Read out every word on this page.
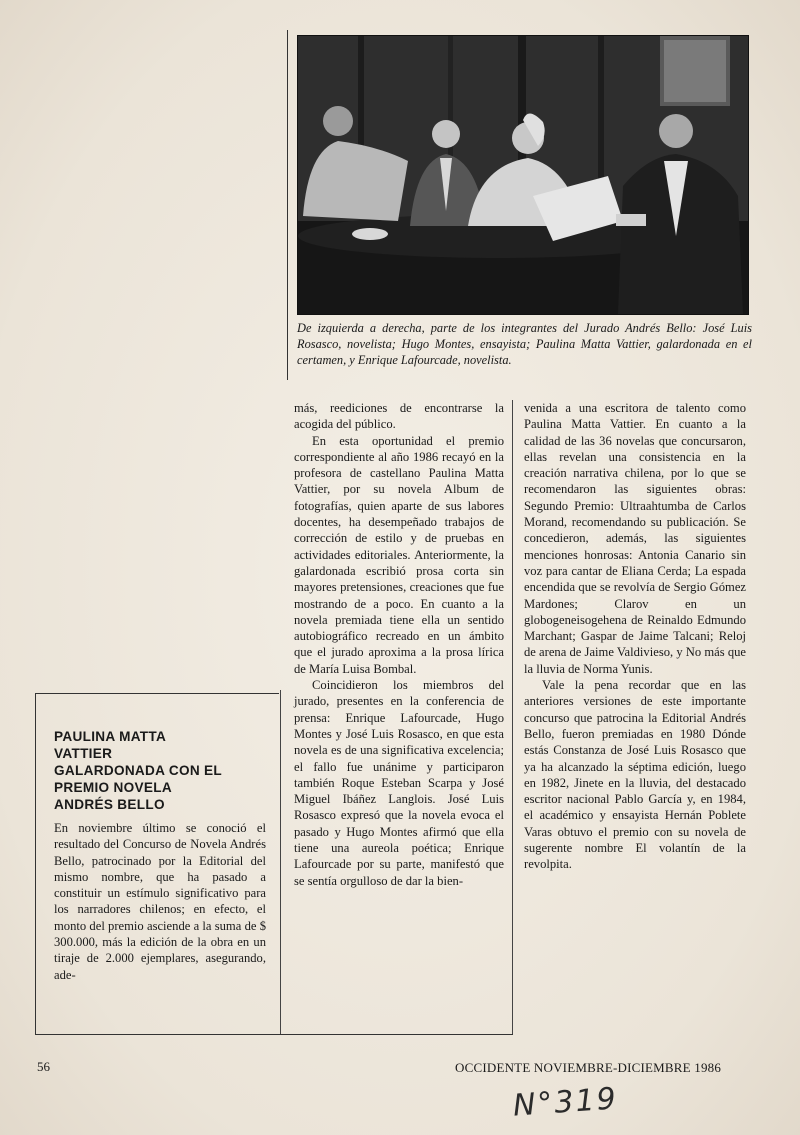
De izquierda a derecha, parte de los integrantes del Jurado Andrés Bello: José Luis Rosasco, novelista; Hugo Montes, ensayista; Paulina Matta Vattier, galardonada en el certamen, y Enrique Lafourcade, novelista.
PAULINA MATTA
VATTIER
GALARDONADA CON EL
PREMIO NOVELA
ANDRÉS BELLO

En noviembre último se conoció el resultado del Concurso de Novela Andrés Bello, patrocinado por la Editorial del mismo nombre, que ha pasado a constituir un estímulo significativo para los narradores chilenos; en efecto, el monto del premio asciende a la suma de $ 300.000, más la edición de la obra en un tiraje de 2.000 ejemplares, asegurando, ade-

más, reediciones de encontrarse la acogida del público.

En esta oportunidad el premio correspondiente al año 1986 recayó en la profesora de castellano Paulina Matta Vattier, por su novela Album de fotografías, quien aparte de sus labores docentes, ha desempeñado trabajos de corrección de estilo y de pruebas en actividades editoriales. Anteriormente, la galardonada escribió prosa corta sin mayores pretensiones, creaciones que fue mostrando de a poco. En cuanto a la novela premiada tiene ella un sentido autobiográfico recreado en un ámbito que el jurado aproxima a la prosa lírica de María Luisa Bombal.

Coincidieron los miembros del jurado, presentes en la conferencia de prensa: Enrique Lafourcade, Hugo Montes y José Luis Rosasco, en que esta novela es de una significativa excelencia; el fallo fue unánime y participaron también Roque Esteban Scarpa y José Miguel Ibáñez Langlois. José Luis Rosasco expresó que la novela evoca el pasado y Hugo Montes afirmó que ella tiene una aureola poética; Enrique Lafourcade por su parte, manifestó que se sentía orgulloso de dar la bien-

venida a una escritora de talento como Paulina Matta Vattier. En cuanto a la calidad de las 36 novelas que concursaron, ellas revelan una consistencia en la creación narrativa chilena, por lo que se recomendaron las siguientes obras: Segundo Premio: Ultraahtumba de Carlos Morand, recomendando su publicación. Se concedieron, además, las siguientes menciones honrosas: Antonia Canario sin voz para cantar de Eliana Cerda; La espada encendida que se revolvía de Sergio Gómez Mardones; Clarov en un globogeneisogehena de Reinaldo Edmundo Marchant; Gaspar de Jaime Talcani; Reloj de arena de Jaime Valdivieso, y No más que la lluvia de Norma Yunis.

Vale la pena recordar que en las anteriores versiones de este importante concurso que patrocina la Editorial Andrés Bello, fueron premiadas en 1980 Dónde estás Constanza de José Luis Rosasco que ya ha alcanzado la séptima edición, luego en 1982, Jinete en la lluvia, del destacado escritor nacional Pablo García y, en 1984, el académico y ensayista Hernán Poblete Varas obtuvo el premio con su novela de sugerente nombre El volantín de la revolpita.

56	OCCIDENTE NOVIEMBRE-DICIEMBRE 1986
N°319
